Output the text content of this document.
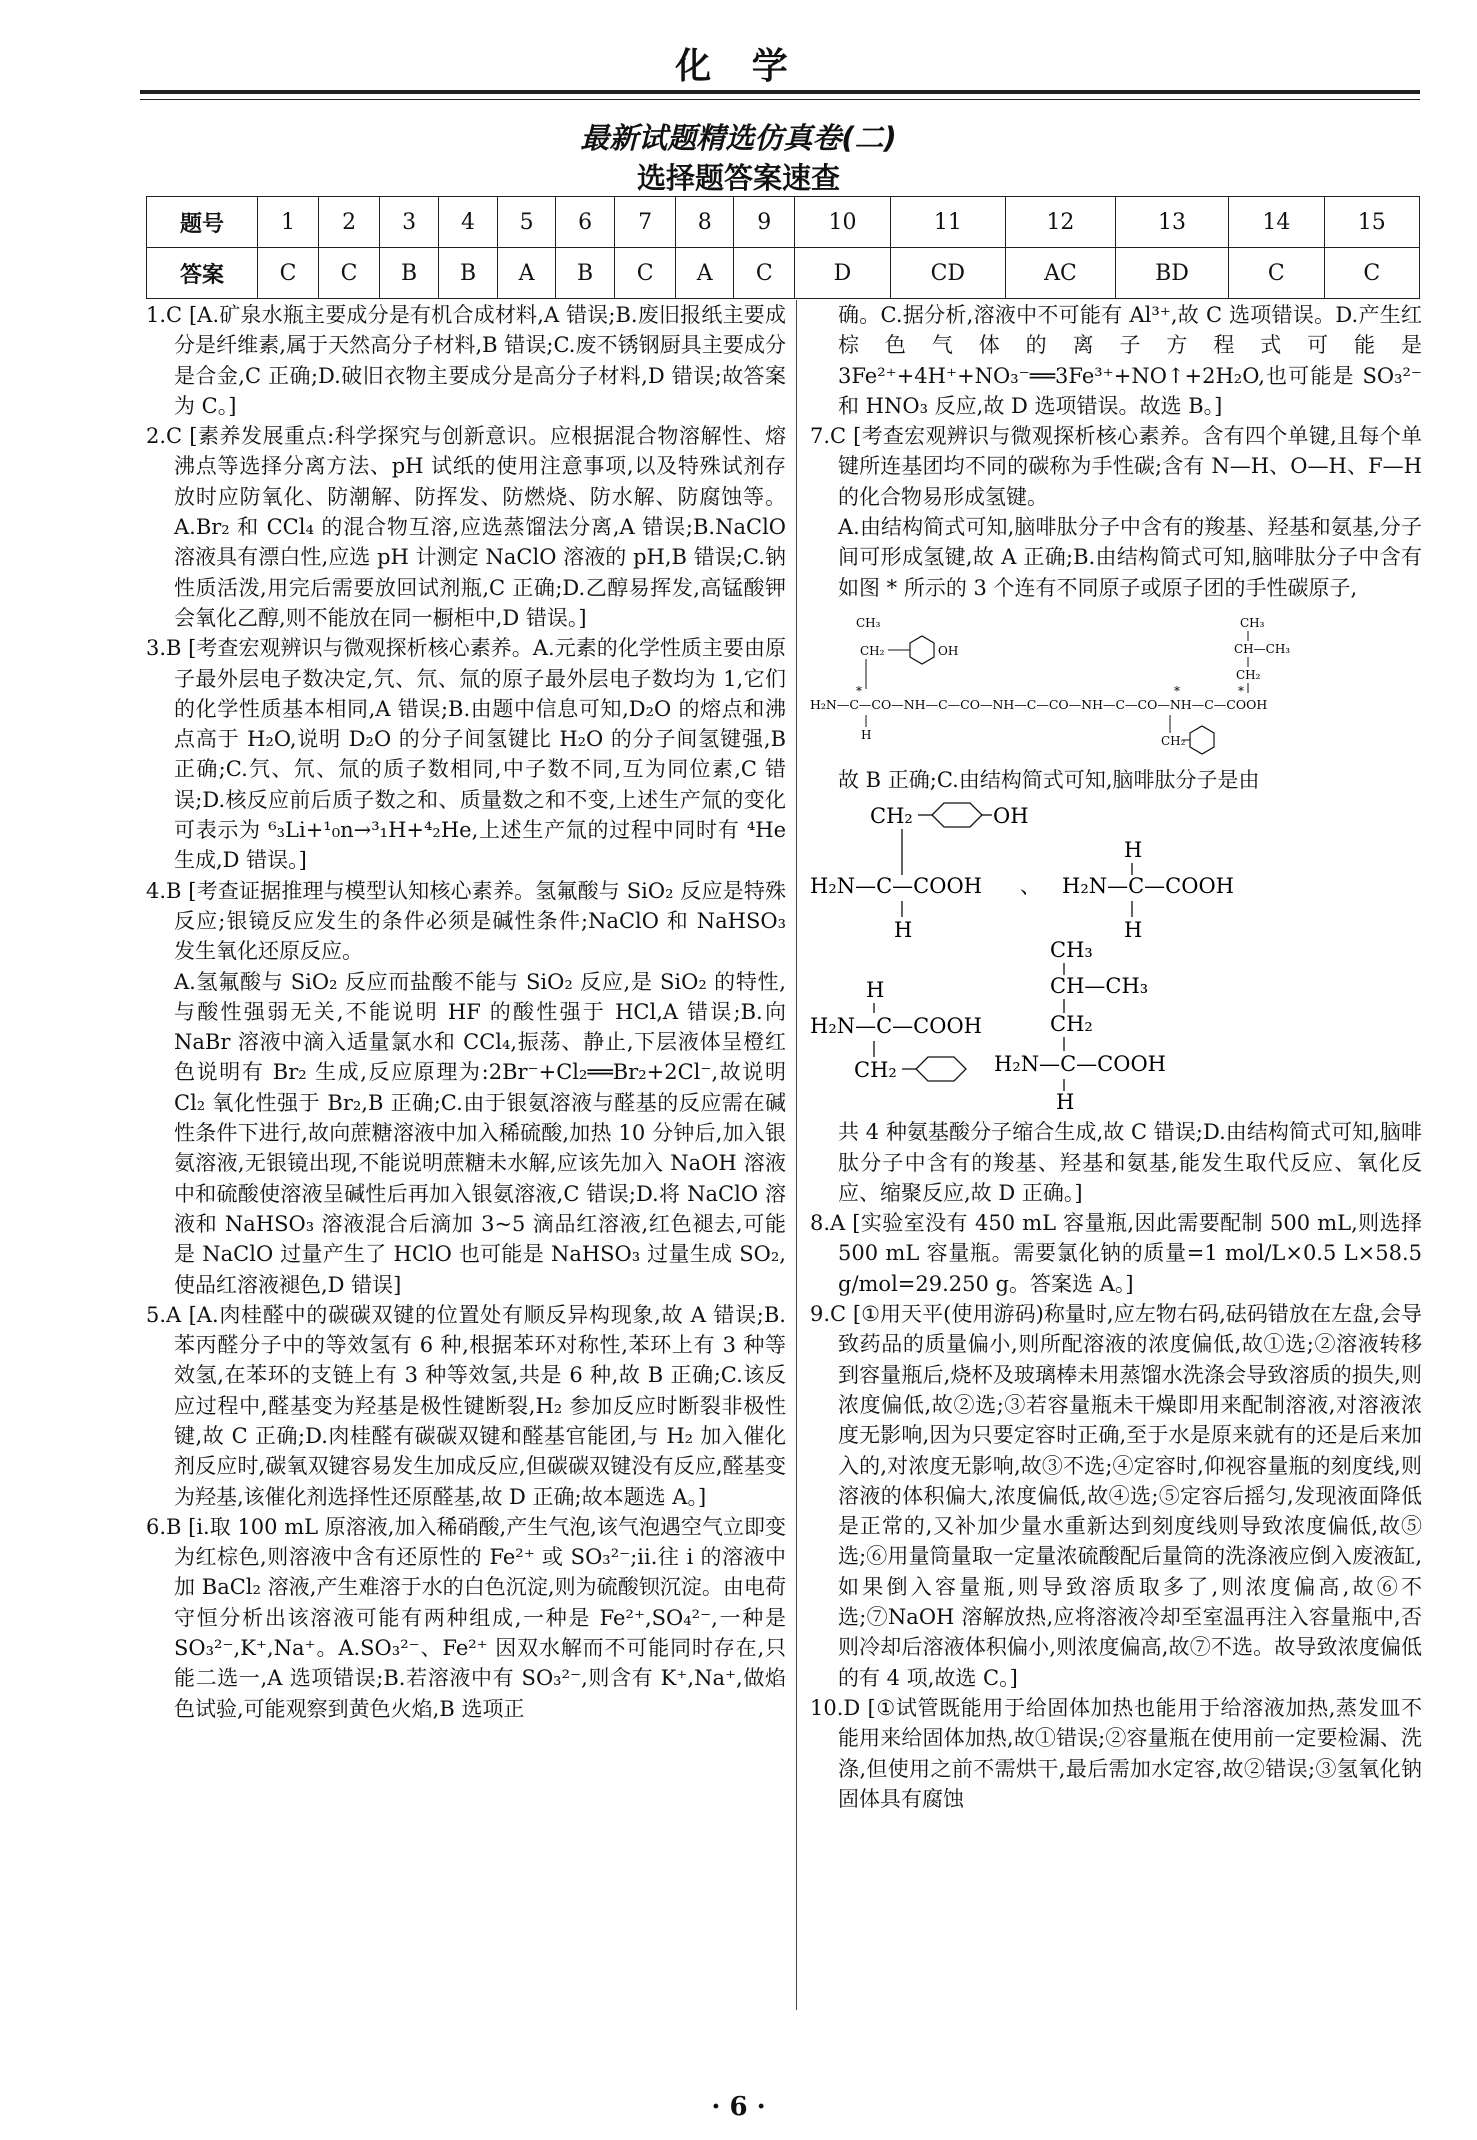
化 学
最新试题精选仿真卷(二)
选择题答案速查
题号	1	2	3	4	5	6	7	8	9	10	11	12	13	14	15
答案	C	C	B	B	A	B	C	A	C	D	CD	AC	BD	C	C

1.C [A.矿泉水瓶主要成分是有机合成材料,A 错误;B.废旧报纸主要成分是纤维素,属于天然高分子材料,B 错误;C.废不锈钢厨具主要成分是合金,C 正确;D.破旧衣物主要成分是高分子材料,D 错误;故答案为 C。]

2.C [素养发展重点:科学探究与创新意识。应根据混合物溶解性、熔沸点等选择分离方法、pH 试纸的使用注意事项,以及特殊试剂存放时应防氧化、防潮解、防挥发、防燃烧、防水解、防腐蚀等。A.Br₂ 和 CCl₄ 的混合物互溶,应选蒸馏法分离,A 错误;B.NaClO 溶液具有漂白性,应选 pH 计测定 NaClO 溶液的 pH,B 错误;C.钠性质活泼,用完后需要放回试剂瓶,C 正确;D.乙醇易挥发,高锰酸钾会氧化乙醇,则不能放在同一橱柜中,D 错误。]

3.B [考查宏观辨识与微观探析核心素养。A.元素的化学性质主要由原子最外层电子数决定,氕、氘、氚的原子最外层电子数均为 1,它们的化学性质基本相同,A 错误;B.由题中信息可知,D₂O 的熔点和沸点高于 H₂O,说明 D₂O 的分子间氢键比 H₂O 的分子间氢键强,B 正确;C.氕、氘、氚的质子数相同,中子数不同,互为同位素,C 错误;D.核反应前后质子数之和、质量数之和不变,上述生产氚的变化可表示为 ⁶₃Li+¹₀n→³₁H+⁴₂He,上述生产氚的过程中同时有 ⁴He 生成,D 错误。]

4.B [考查证据推理与模型认知核心素养。氢氟酸与 SiO₂ 反应是特殊反应;银镜反应发生的条件必须是碱性条件;NaClO 和 NaHSO₃ 发生氧化还原反应。

A.氢氟酸与 SiO₂ 反应而盐酸不能与 SiO₂ 反应,是 SiO₂ 的特性,与酸性强弱无关,不能说明 HF 的酸性强于 HCl,A 错误;B.向 NaBr 溶液中滴入适量氯水和 CCl₄,振荡、静止,下层液体呈橙红色说明有 Br₂ 生成,反应原理为:2Br⁻+Cl₂══Br₂+2Cl⁻,故说明 Cl₂ 氧化性强于 Br₂,B 正确;C.由于银氨溶液与醛基的反应需在碱性条件下进行,故向蔗糖溶液中加入稀硫酸,加热 10 分钟后,加入银氨溶液,无银镜出现,不能说明蔗糖未水解,应该先加入 NaOH 溶液中和硫酸使溶液呈碱性后再加入银氨溶液,C 错误;D.将 NaClO 溶液和 NaHSO₃ 溶液混合后滴加 3~5 滴品红溶液,红色褪去,可能是 NaClO 过量产生了 HClO 也可能是 NaHSO₃ 过量生成 SO₂,使品红溶液褪色,D 错误]

5.A [A.肉桂醛中的碳碳双键的位置处有顺反异构现象,故 A 错误;B.苯丙醛分子中的等效氢有 6 种,根据苯环对称性,苯环上有 3 种等效氢,在苯环的支链上有 3 种等效氢,共是 6 种,故 B 正确;C.该反应过程中,醛基变为羟基是极性键断裂,H₂ 参加反应时断裂非极性键,故 C 正确;D.肉桂醛有碳碳双键和醛基官能团,与 H₂ 加入催化剂反应时,碳氧双键容易发生加成反应,但碳碳双键没有反应,醛基变为羟基,该催化剂选择性还原醛基,故 D 正确;故本题选 A。]

6.B [i.取 100 mL 原溶液,加入稀硝酸,产生气泡,该气泡遇空气立即变为红棕色,则溶液中含有还原性的 Fe²⁺ 或 SO₃²⁻;ii.往 i 的溶液中加 BaCl₂ 溶液,产生难溶于水的白色沉淀,则为硫酸钡沉淀。由电荷守恒分析出该溶液可能有两种组成,一种是 Fe²⁺,SO₄²⁻,一种是 SO₃²⁻,K⁺,Na⁺。A.SO₃²⁻、Fe²⁺ 因双水解而不可能同时存在,只能二选一,A 选项错误;B.若溶液中有 SO₃²⁻,则含有 K⁺,Na⁺,做焰色试验,可能观察到黄色火焰,B 选项正

确。C.据分析,溶液中不可能有 Al³⁺,故 C 选项错误。D.产生红棕色气体的离子方程式可能是 3Fe²⁺+4H⁺+NO₃⁻══3Fe³⁺+NO↑+2H₂O,也可能是 SO₃²⁻ 和 HNO₃ 反应,故 D 选项错误。故选 B。]

7.C [考查宏观辨识与微观探析核心素养。含有四个单键,且每个单键所连基团均不同的碳称为手性碳;含有 N—H、O—H、F—H 的化合物易形成氢键。

A.由结构简式可知,脑啡肽分子中含有的羧基、羟基和氨基,分子间可形成氢键,故 A 正确;B.由结构简式可知,脑啡肽分子中含有如图 * 所示的 3 个连有不同原子或原子团的手性碳原子,

CH₃
CH₂	OH
CH₃
CH—CH₃
CH₂
*	*	*
H₂N—C—CO—NH—C—CO—NH—C—CO—NH—C—CO—NH—C—COOH
H	CH₂

故 B 正确;C.由结构简式可知,脑啡肽分子是由

CH₂	OH
H₂N—C—COOH
H
、
H
H₂N—C—COOH
H
H
H₂N—C—COOH
CH₂
CH₃
CH—CH₃
CH₂
H₂N—C—COOH
H

共 4 种氨基酸分子缩合生成,故 C 错误;D.由结构简式可知,脑啡肽分子中含有的羧基、羟基和氨基,能发生取代反应、氧化反应、缩聚反应,故 D 正确。]

8.A [实验室没有 450 mL 容量瓶,因此需要配制 500 mL,则选择 500 mL 容量瓶。需要氯化钠的质量=1 mol/L×0.5 L×58.5 g/mol=29.250 g。答案选 A。]

9.C [①用天平(使用游码)称量时,应左物右码,砝码错放在左盘,会导致药品的质量偏小,则所配溶液的浓度偏低,故①选;②溶液转移到容量瓶后,烧杯及玻璃棒未用蒸馏水洗涤会导致溶质的损失,则浓度偏低,故②选;③若容量瓶未干燥即用来配制溶液,对溶液浓度无影响,因为只要定容时正确,至于水是原来就有的还是后来加入的,对浓度无影响,故③不选;④定容时,仰视容量瓶的刻度线,则溶液的体积偏大,浓度偏低,故④选;⑤定容后摇匀,发现液面降低是正常的,又补加少量水重新达到刻度线则导致浓度偏低,故⑤选;⑥用量筒量取一定量浓硫酸配后量筒的洗涤液应倒入废液缸,如果倒入容量瓶,则导致溶质取多了,则浓度偏高,故⑥不选;⑦NaOH 溶解放热,应将溶液冷却至室温再注入容量瓶中,否则冷却后溶液体积偏小,则浓度偏高,故⑦不选。故导致浓度偏低的有 4 项,故选 C。]

10.D [①试管既能用于给固体加热也能用于给溶液加热,蒸发皿不能用来给固体加热,故①错误;②容量瓶在使用前一定要检漏、洗涤,但使用之前不需烘干,最后需加水定容,故②错误;③氢氧化钠固体具有腐蚀

· 6 ·
